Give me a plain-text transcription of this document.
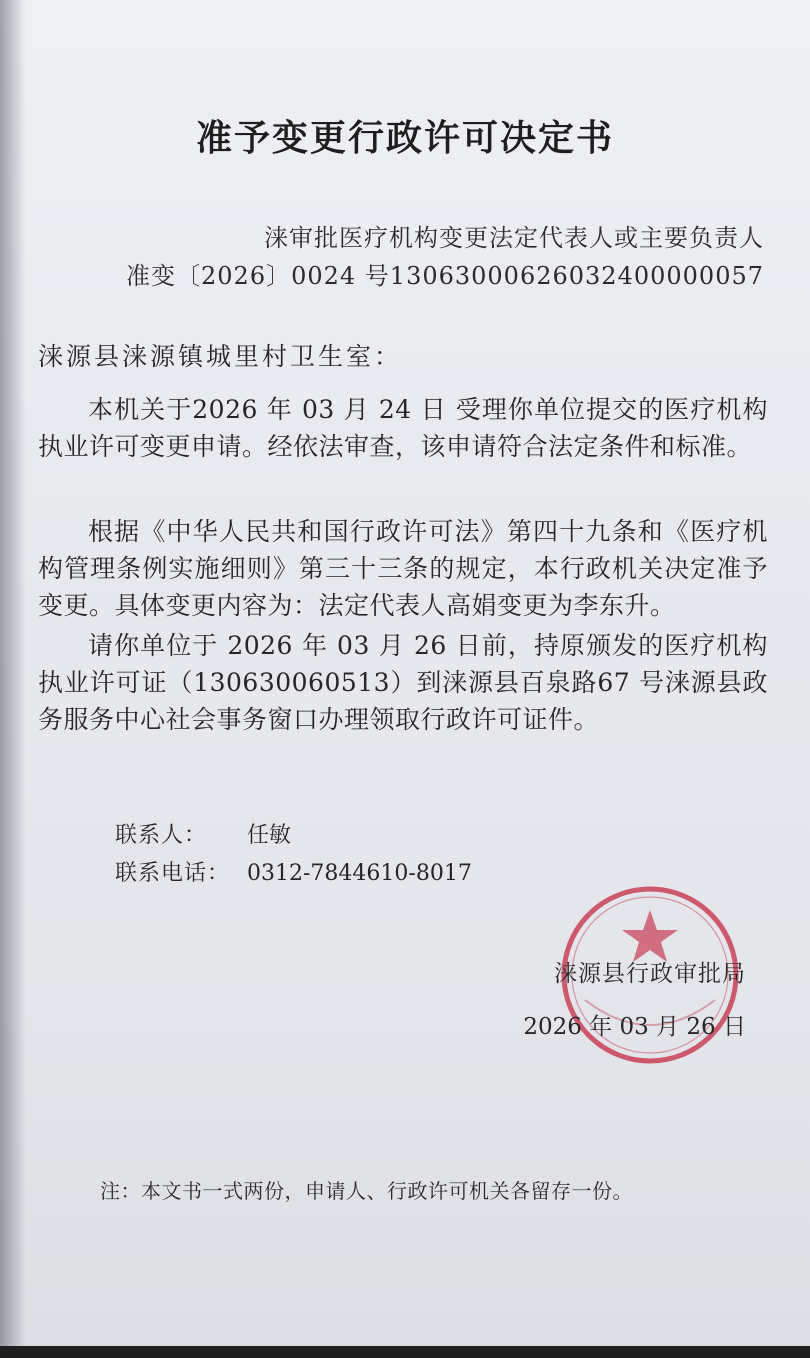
准予变更行政许可决定书
涞审批医疗机构变更法定代表人或主要负责人
准变〔2026〕0024 号13063000626032400000057
涞源县涞源镇城里村卫生室：
本机关于2026 年 03 月 24 日 受理你单位提交的医疗机构执业许可变更申请。经依法审查，该申请符合法定条件和标准。
根据《中华人民共和国行政许可法》第四十九条和《医疗机构管理条例实施细则》第三十三条的规定，本行政机关决定准予变更。具体变更内容为：法定代表人高娟变更为李东升。
请你单位于 2026 年 03 月 26 日前，持原颁发的医疗机构执业许可证（130630060513）到涞源县百泉路67 号涞源县政务服务中心社会事务窗口办理领取行政许可证件。
联系人： 任敏
联系电话： 0312-7844610-8017
涞源县行政审批局
2026 年 03 月 26 日
注：本文书一式两份，申请人、行政许可机关各留存一份。
